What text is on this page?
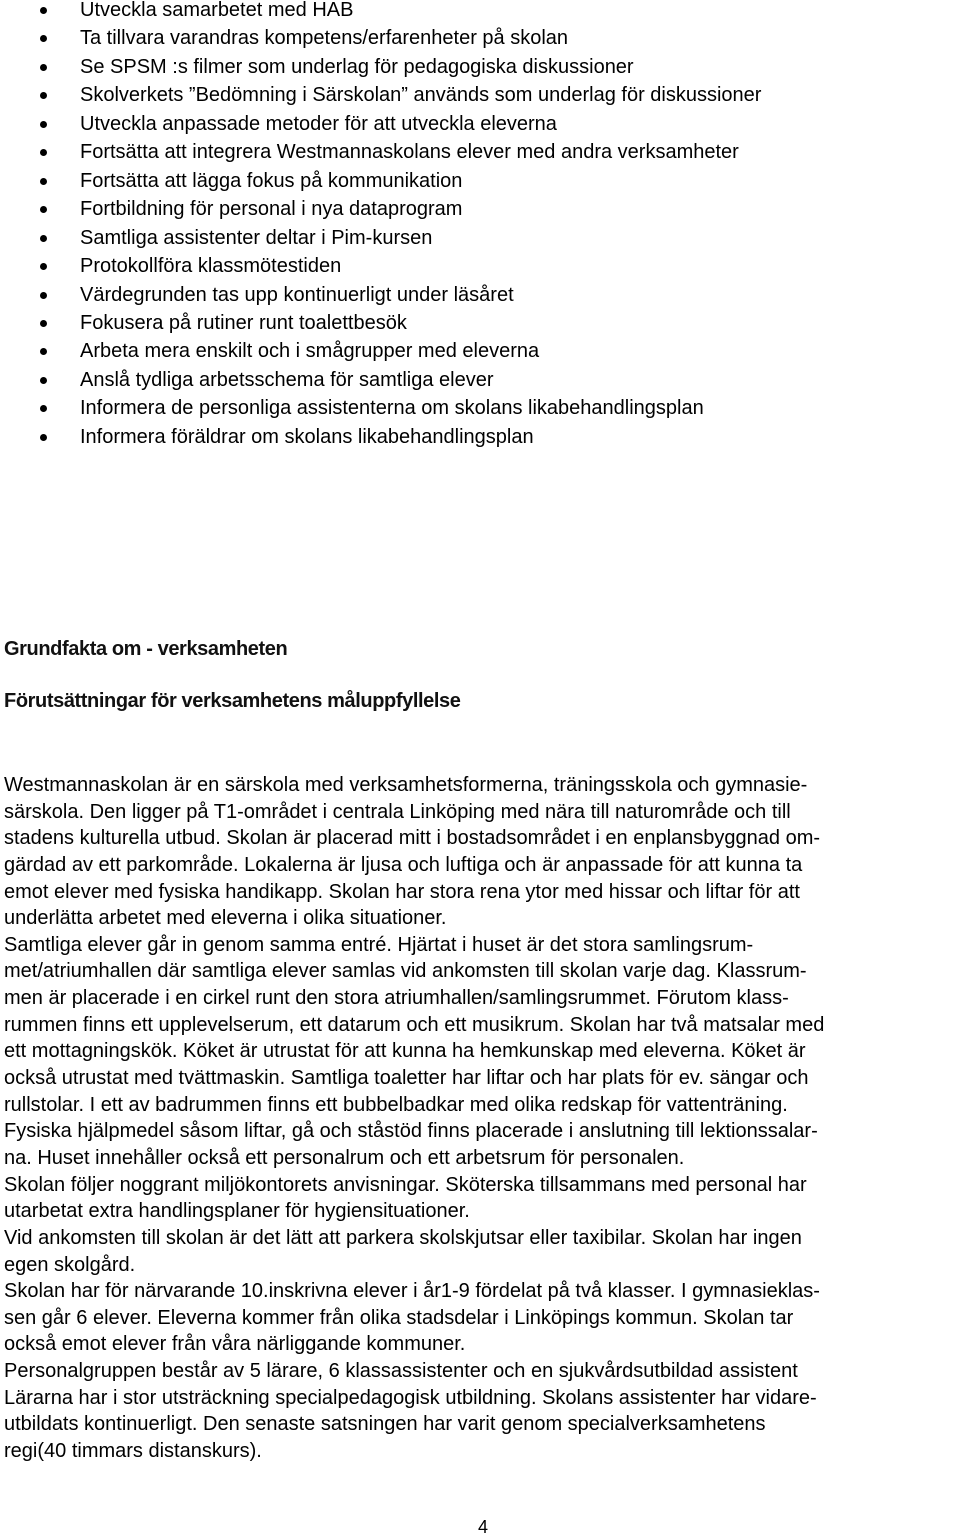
Utveckla samarbetet med HAB
Ta tillvara varandras kompetens/erfarenheter på skolan
Se SPSM :s filmer som underlag för pedagogiska diskussioner
Skolverkets ”Bedömning i Särskolan” används som underlag för diskussioner
Utveckla anpassade metoder för att utveckla eleverna
Fortsätta att integrera Westmannaskolans elever med andra verksamheter
Fortsätta att lägga fokus på kommunikation
Fortbildning för personal i nya dataprogram
Samtliga assistenter deltar i Pim-kursen
Protokollföra klassmötestiden
Värdegrunden tas upp kontinuerligt under läsåret
Fokusera på rutiner runt toalettbesök
Arbeta mera enskilt och i smågrupper med eleverna
Anslå tydliga arbetsschema för samtliga elever
Informera de personliga assistenterna om skolans likabehandlingsplan
Informera föräldrar om skolans likabehandlingsplan
Grundfakta om - verksamheten
Förutsättningar för verksamhetens måluppfyllelse
Westmannaskolan är en särskola med verksamhetsformerna, träningsskola och gymnasie-
särskola. Den ligger på T1-området i centrala Linköping med nära till naturområde och till
stadens kulturella utbud. Skolan är placerad mitt i bostadsområdet i en enplansbyggnad om-
gärdad av ett parkområde. Lokalerna är ljusa och luftiga och är anpassade för att kunna ta
emot elever med fysiska handikapp. Skolan har stora rena ytor med hissar och liftar för att
underlätta arbetet med eleverna i olika situationer.
Samtliga elever går in genom samma entré. Hjärtat i huset är det stora samlingsrum-
met/atriumhallen där samtliga elever samlas vid ankomsten till skolan varje dag. Klassrum-
men är placerade i en cirkel runt den stora atriumhallen/samlingsrummet. Förutom klass-
rummen finns ett upplevelserum, ett datarum och ett musikrum. Skolan har två matsalar med
ett mottagningskök. Köket är utrustat för att kunna ha hemkunskap med eleverna. Köket är
också utrustat med tvättmaskin. Samtliga toaletter har liftar och har plats för ev. sängar och
rullstolar. I ett av badrummen finns ett bubbelbadkar med olika redskap för vattenträning.
Fysiska hjälpmedel såsom liftar, gå och ståstöd finns placerade i anslutning till lektionssalar-
na. Huset innehåller också ett personalrum och ett arbetsrum för personalen.
Skolan följer noggrant miljökontorets anvisningar. Sköterska tillsammans med personal har
utarbetat extra handlingsplaner för hygiensituationer.
Vid ankomsten till skolan är det lätt att parkera skolskjutsar eller taxibilar. Skolan har ingen
egen skolgård.
Skolan har för närvarande 10.inskrivna elever i år1-9 fördelat på två klasser. I gymnasieklas-
sen går 6 elever. Eleverna kommer från olika stadsdelar i Linköpings kommun. Skolan tar
också emot elever från våra närliggande kommuner.
Personalgruppen består av 5 lärare, 6 klassassistenter och en sjukvårdsutbildad assistent
Lärarna har i stor utsträckning specialpedagogisk utbildning. Skolans assistenter har vidare-
utbildats kontinuerligt. Den senaste satsningen har varit genom specialverksamhetens
regi(40 timmars distanskurs).
4
